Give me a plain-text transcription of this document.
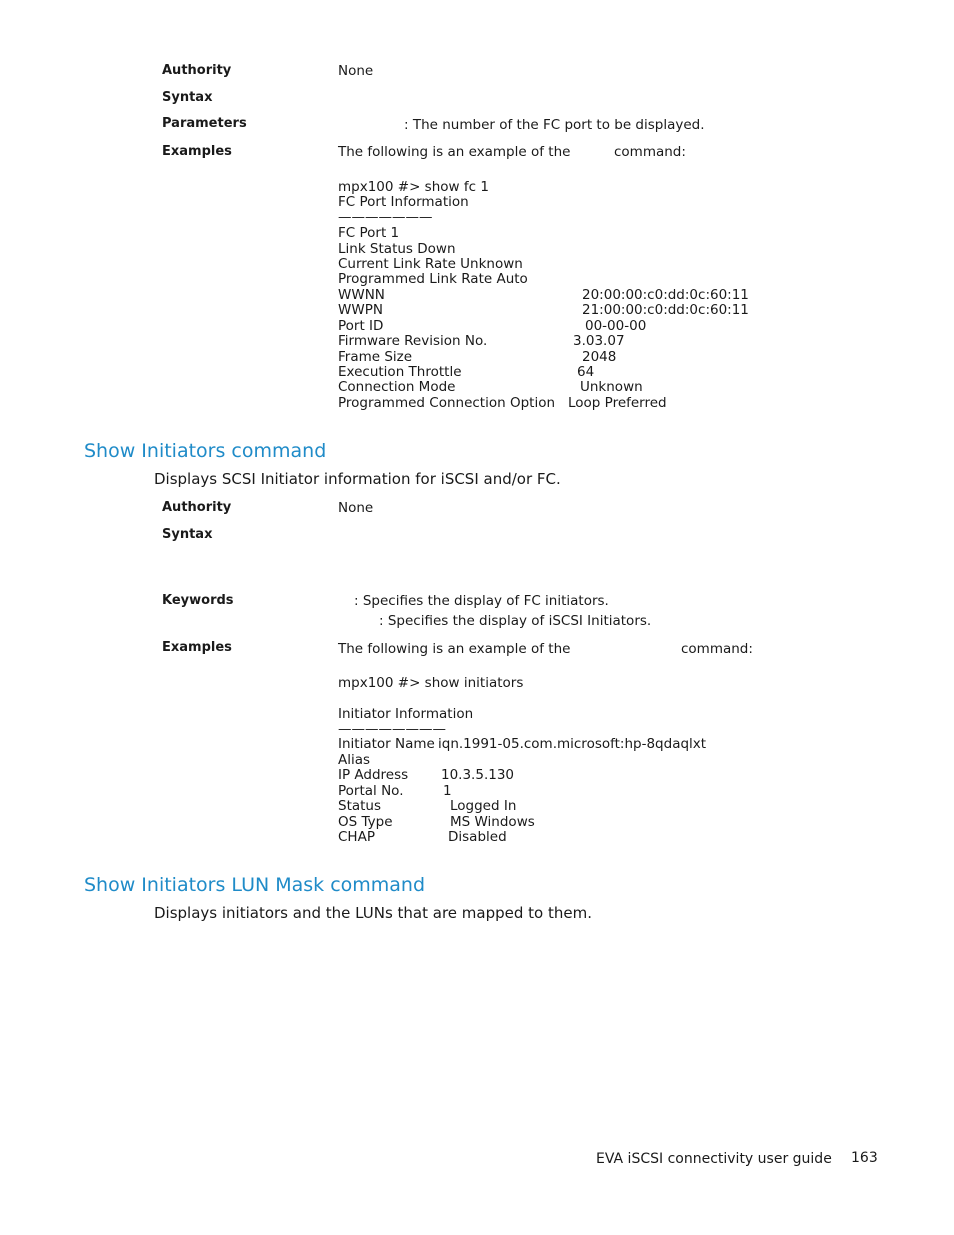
Authority	None
Syntax
Parameters	: The number of the FC port to be displayed.
Examples	The following is an example of the	command:
mpx100 #> show fc 1
FC Port Information
———————
FC Port 1
Link Status Down
Current Link Rate Unknown
Programmed Link Rate Auto
WWNN	20:00:00:c0:dd:0c:60:11
WWPN	21:00:00:c0:dd:0c:60:11
Port ID	00-00-00
Firmware Revision No.	3.03.07
Frame Size	2048
Execution Throttle	64
Connection Mode	Unknown
Programmed Connection Option Loop Preferred
Show Initiators command
Displays SCSI Initiator information for iSCSI and/or FC.
Authority	None
Syntax
Keywords	: Specifies the display of FC initiators.
: Specifies the display of iSCSI Initiators.
Examples	The following is an example of the	command:
mpx100 #> show initiators
Initiator Information
————————
Initiator Name iqn.1991-05.com.microsoft:hp-8qdaqlxt
Alias
IP Address 10.3.5.130
Portal No.	1
Status	Logged In
OS Type	MS Windows
CHAP	Disabled
Show Initiators LUN Mask command
Displays initiators and the LUNs that are mapped to them.
EVA iSCSI connectivity user guide 163
